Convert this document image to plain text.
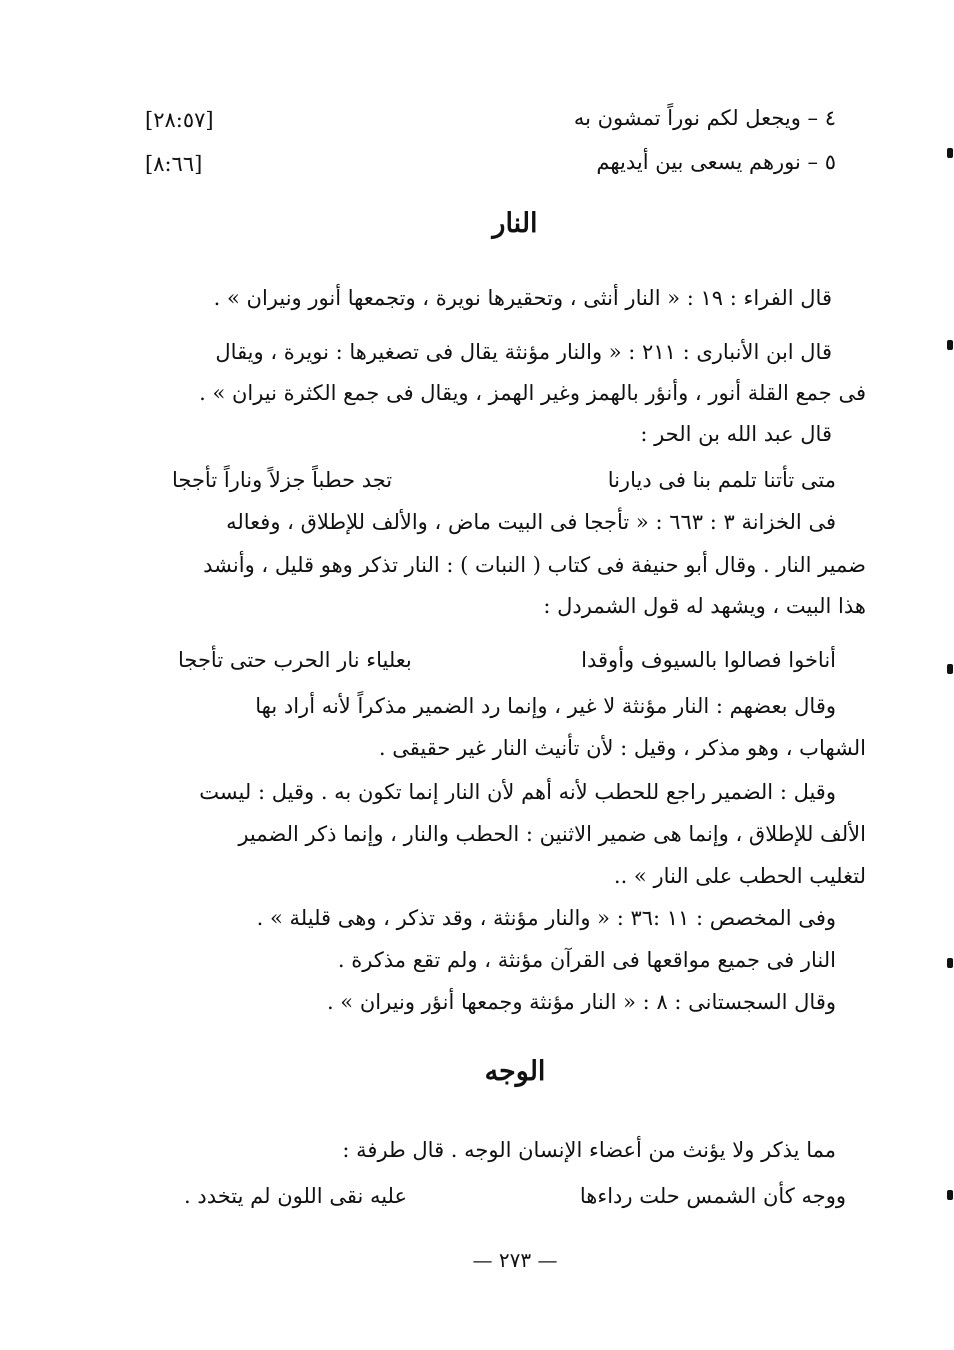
٤ – ويجعل لكم نوراً تمشون به
[٢٨:٥٧]
٥ – نورهم يسعى بين أيديهم
[٨:٦٦]
النار
قال الفراء : ١٩ : « النار أنثى ، وتحقيرها نويرة ، وتجمعها أنور ونيران » .
قال ابن الأنبارى : ٢١١ : « والنار مؤنثة يقال فى تصغيرها : نويرة ، ويقال
فى جمع القلة أنور ، وأنؤر بالهمز وغير الهمز ، ويقال فى جمع الكثرة نيران » .
قال عبد الله بن الحر :
متى تأتنا تلمم بنا فى ديارنا
تجد حطباً جزلاً وناراً تأججا
فى الخزانة ٣ : ٦٦٣ : « تأججا فى البيت ماض ، والألف للإطلاق ، وفعاله
ضمير النار . وقال أبو حنيفة فى كتاب ( النبات ) : النار تذكر وهو قليل ، وأنشد
هذا البيت ، ويشهد له قول الشمردل :
أناخوا فصالوا بالسيوف وأوقدا
بعلياء نار الحرب حتى تأججا
وقال بعضهم : النار مؤنثة لا غير ، وإنما رد الضمير مذكراً لأنه أراد بها
الشهاب ، وهو مذكر ، وقيل : لأن تأنيث النار غير حقيقى .
وقيل : الضمير راجع للحطب لأنه أهم لأن النار إنما تكون به . وقيل : ليست
الألف للإطلاق ، وإنما هى ضمير الاثنين : الحطب والنار ، وإنما ذكر الضمير
لتغليب الحطب على النار » ..
وفى المخصص : ١١ :٣٦ : « والنار مؤنثة ، وقد تذكر ، وهى قليلة » .
النار فى جميع مواقعها فى القرآن مؤنثة ، ولم تقع مذكرة .
وقال السجستانى : ٨ : « النار مؤنثة وجمعها أنؤر ونيران » .
الوجه
مما يذكر ولا يؤنث من أعضاء الإنسان الوجه . قال طرفة :
ووجه كأن الشمس حلت رداءها
عليه نقى اللون لم يتخدد .
— ٢٧٣ —
